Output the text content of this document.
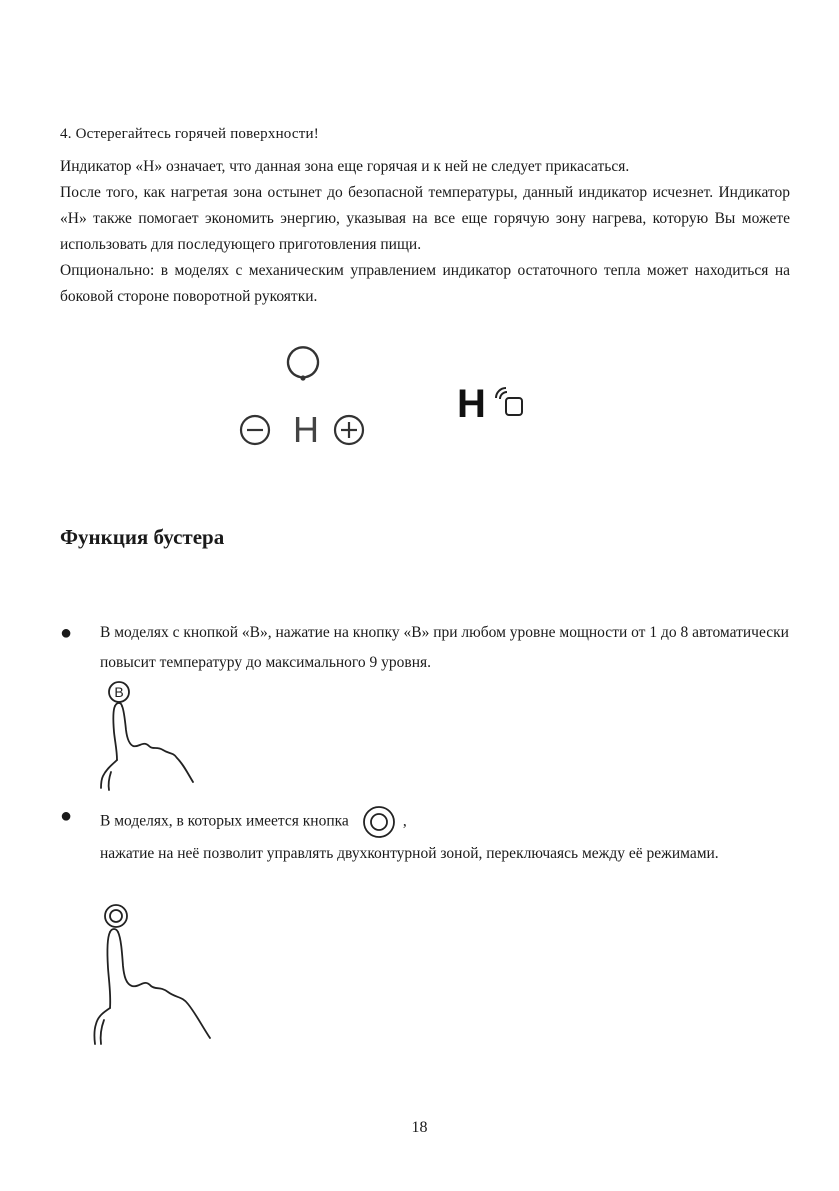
4. Остерегайтесь горячей поверхности!
Индикатор «H» означает, что данная зона еще горячая и к ней не следует прикасаться.
После того, как нагретая зона остынет до безопасной температуры, данный индикатор исчезнет. Индикатор «H» также помогает экономить энергию, указывая на все еще горячую зону нагрева, которую Вы можете использовать для последующего приготовления пищи.
Опционально: в моделях с механическим управлением индикатор остаточного тепла может находиться на боковой стороне поворотной рукоятки.
H
H
Функция бустера
● В моделях с кнопкой «B», нажатие на кнопку «B» при любом уровне мощности от 1 до 8 автоматически повысит температуру до максимального 9 уровня.
B
● В моделях, в которых имеется кнопка	,
нажатие на неё позволит управлять двухконтурной зоной, переключаясь между её режимами.
18
